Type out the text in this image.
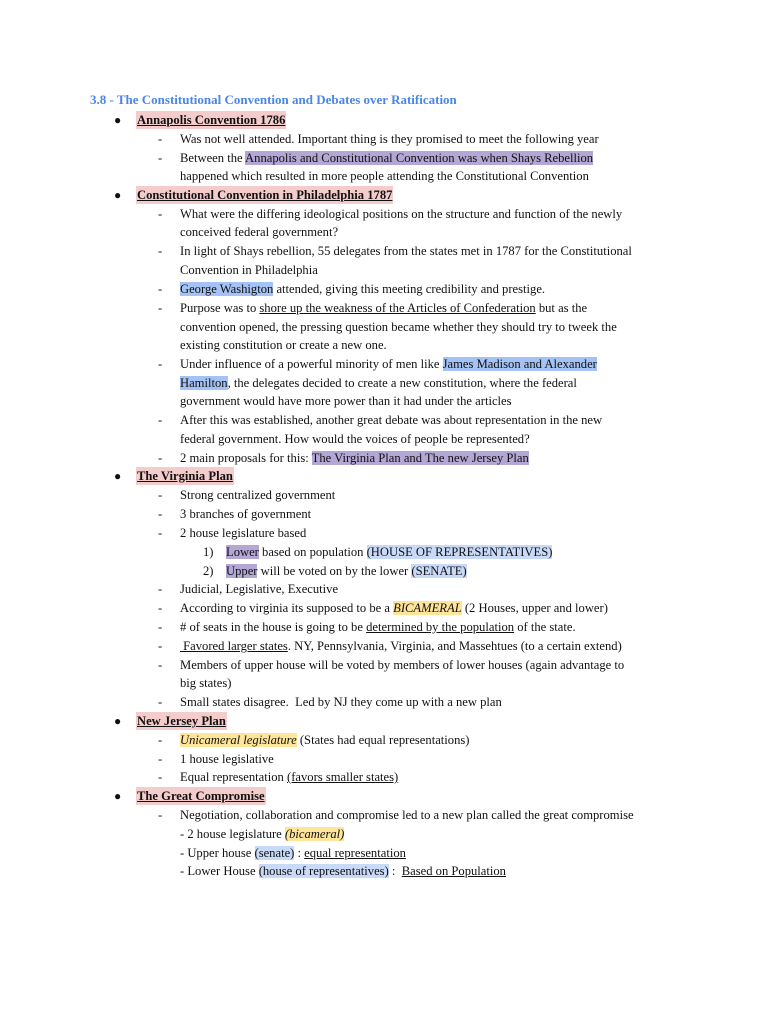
3.8 - The Constitutional Convention and Debates over Ratification
● Annapolis Convention 1786
- Was not well attended. Important thing is they promised to meet the following year
- Between the Annapolis and Constitutional Convention was when Shays Rebellion
happened which resulted in more people attending the Constitutional Convention
● Constitutional Convention in Philadelphia 1787
- What were the differing ideological positions on the structure and function of the newly
conceived federal government?
- In light of Shays rebellion, 55 delegates from the states met in 1787 for the Constitutional
Convention in Philadelphia
- George Washigton attended, giving this meeting credibility and prestige.
- Purpose was to shore up the weakness of the Articles of Confederation but as the
convention opened, the pressing question became whether they should try to tweek the
existing constitution or create a new one.
- Under influence of a powerful minority of men like James Madison and Alexander
Hamilton, the delegates decided to create a new constitution, where the federal
government would have more power than it had under the articles
- After this was established, another great debate was about representation in the new
federal government. How would the voices of people be represented?
- 2 main proposals for this: The Virginia Plan and The new Jersey Plan
● The Virginia Plan
- Strong centralized government
- 3 branches of government
- 2 house legislature based
1) Lower based on population (HOUSE OF REPRESENTATIVES)
2) Upper will be voted on by the lower (SENATE)
- Judicial, Legislative, Executive
- According to virginia its supposed to be a BICAMERAL (2 Houses, upper and lower)
- # of seats in the house is going to be determined by the population of the state.
- Favored larger states. NY, Pennsylvania, Virginia, and Massehtues (to a certain extend)
- Members of upper house will be voted by members of lower houses (again advantage to
big states)
- Small states disagree.  Led by NJ they come up with a new plan
● New Jersey Plan
- Unicameral legislature (States had equal representations)
- 1 house legislative
- Equal representation (favors smaller states)
● The Great Compromise
- Negotiation, collaboration and compromise led to a new plan called the great compromise
- 2 house legislature (bicameral)
- Upper house (senate) : equal representation
- Lower House (house of representatives) :  Based on Population
